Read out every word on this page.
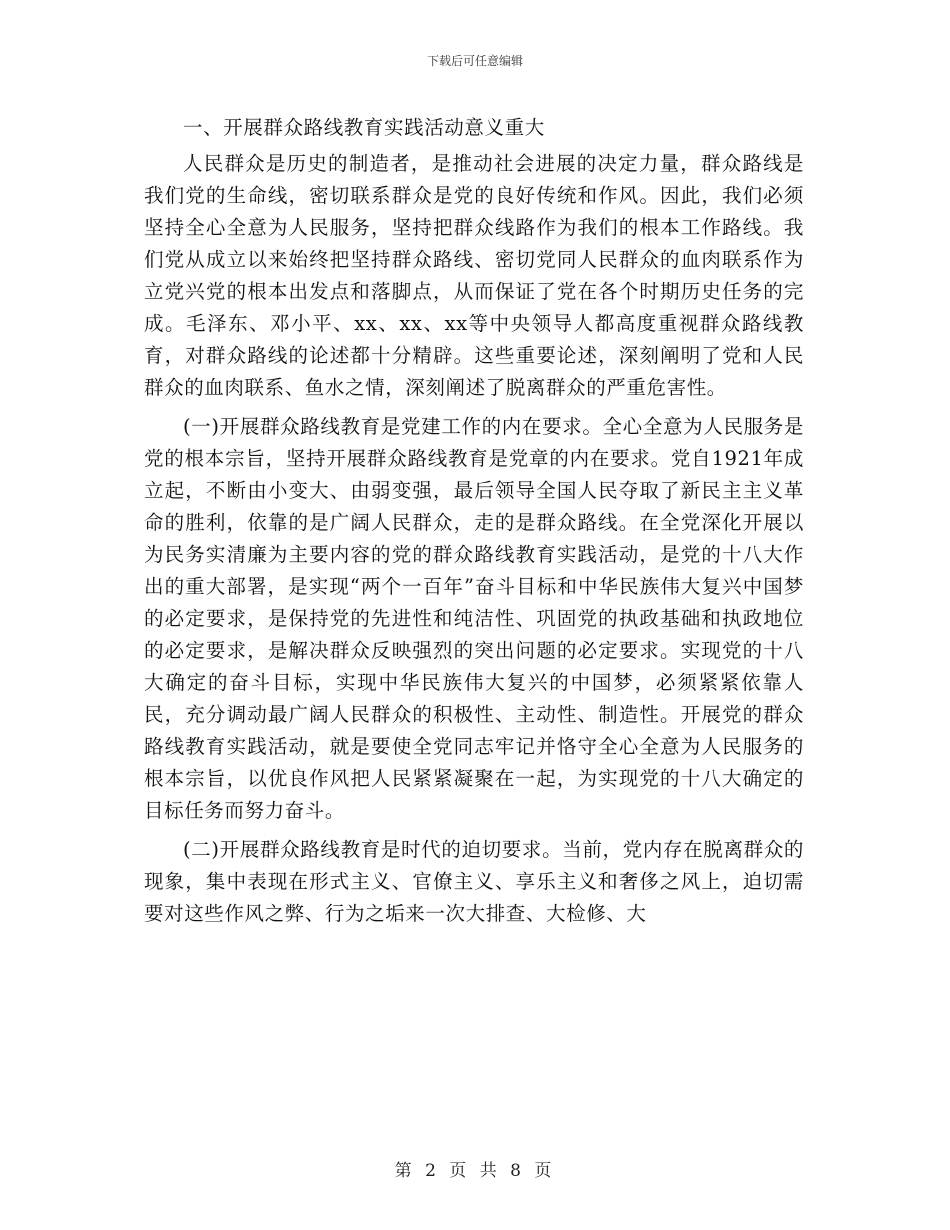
下载后可任意编辑

一、开展群众路线教育实践活动意义重大

人民群众是历史的制造者，是推动社会进展的决定力量，群众路线是我们党的生命线，密切联系群众是党的良好传统和作风。因此，我们必须坚持全心全意为人民服务，坚持把群众线路作为我们的根本工作路线。我们党从成立以来始终把坚持群众路线、密切党同人民群众的血肉联系作为立党兴党的根本出发点和落脚点，从而保证了党在各个时期历史任务的完成。毛泽东、邓小平、xx、xx、xx等中央领导人都高度重视群众路线教育，对群众路线的论述都十分精辟。这些重要论述，深刻阐明了党和人民群众的血肉联系、鱼水之情，深刻阐述了脱离群众的严重危害性。

(一)开展群众路线教育是党建工作的内在要求。全心全意为人民服务是党的根本宗旨，坚持开展群众路线教育是党章的内在要求。党自1921年成立起，不断由小变大、由弱变强，最后领导全国人民夺取了新民主主义革命的胜利，依靠的是广阔人民群众，走的是群众路线。在全党深化开展以为民务实清廉为主要内容的党的群众路线教育实践活动，是党的十八大作出的重大部署，是实现“两个一百年”奋斗目标和中华民族伟大复兴中国梦的必定要求，是保持党的先进性和纯洁性、巩固党的执政基础和执政地位的必定要求，是解决群众反映强烈的突出问题的必定要求。实现党的十八大确定的奋斗目标，实现中华民族伟大复兴的中国梦，必须紧紧依靠人民，充分调动最广阔人民群众的积极性、主动性、制造性。开展党的群众路线教育实践活动，就是要使全党同志牢记并恪守全心全意为人民服务的根本宗旨，以优良作风把人民紧紧凝聚在一起，为实现党的十八大确定的目标任务而努力奋斗。

(二)开展群众路线教育是时代的迫切要求。当前，党内存在脱离群众的现象，集中表现在形式主义、官僚主义、享乐主义和奢侈之风上，迫切需要对这些作风之弊、行为之垢来一次大排查、大检修、大

第 2 页 共 8 页
